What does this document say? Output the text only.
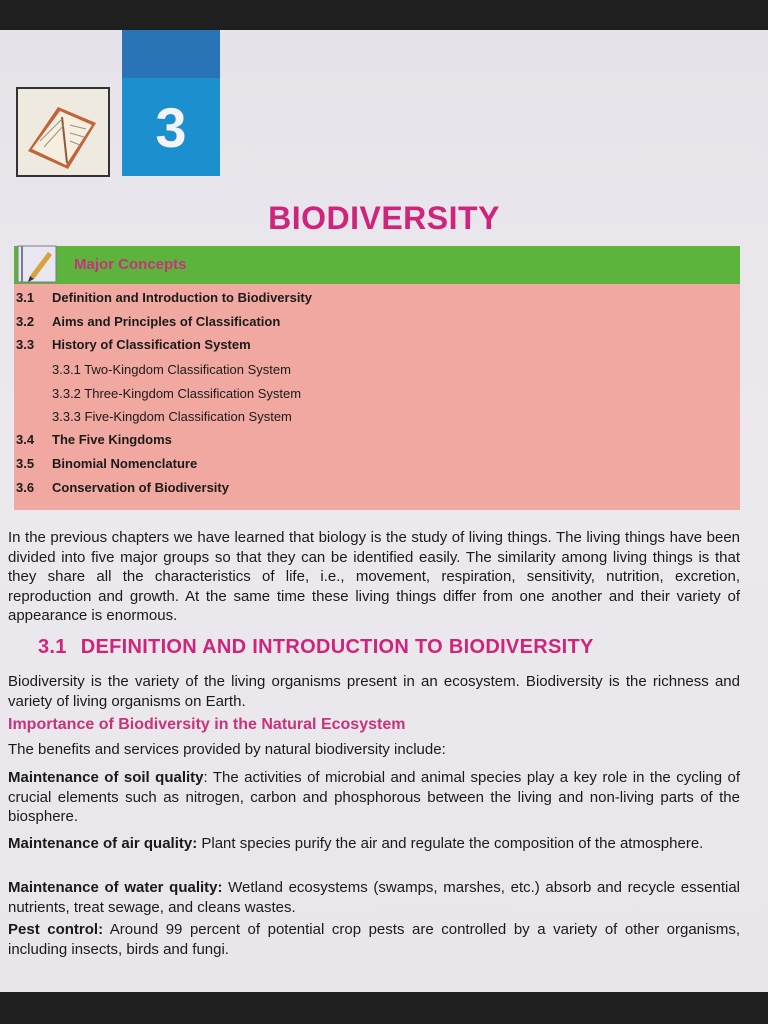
3
BIODIVERSITY
Major Concepts
3.1 Definition and Introduction to Biodiversity
3.2 Aims and Principles of Classification
3.3 History of Classification System
3.3.1 Two-Kingdom Classification System
3.3.2 Three-Kingdom Classification System
3.3.3 Five-Kingdom Classification System
3.4 The Five Kingdoms
3.5 Binomial Nomenclature
3.6 Conservation of Biodiversity

In the previous chapters we have learned that biology is the study of living things. The living things have been divided into five major groups so that they can be identified easily. The similarity among living things is that they share all the characteristics of life, i.e., movement, respiration, sensitivity, nutrition, excretion, reproduction and growth. At the same time these living things differ from one another and their variety of appearance is enormous.

3.1 DEFINITION AND INTRODUCTION TO BIODIVERSITY

Biodiversity is the variety of the living organisms present in an ecosystem. Biodiversity is the richness and variety of living organisms on Earth.

Importance of Biodiversity in the Natural Ecosystem

The benefits and services provided by natural biodiversity include:

Maintenance of soil quality: The activities of microbial and animal species play a key role in the cycling of crucial elements such as nitrogen, carbon and phosphorous between the living and non-living parts of the biosphere.

Maintenance of air quality: Plant species purify the air and regulate the composition of the atmosphere.

Maintenance of water quality: Wetland ecosystems (swamps, marshes, etc.) absorb and recycle essential nutrients, treat sewage, and cleans wastes.

Pest control: Around 99 percent of potential crop pests are controlled by a variety of other organisms, including insects, birds and fungi.
